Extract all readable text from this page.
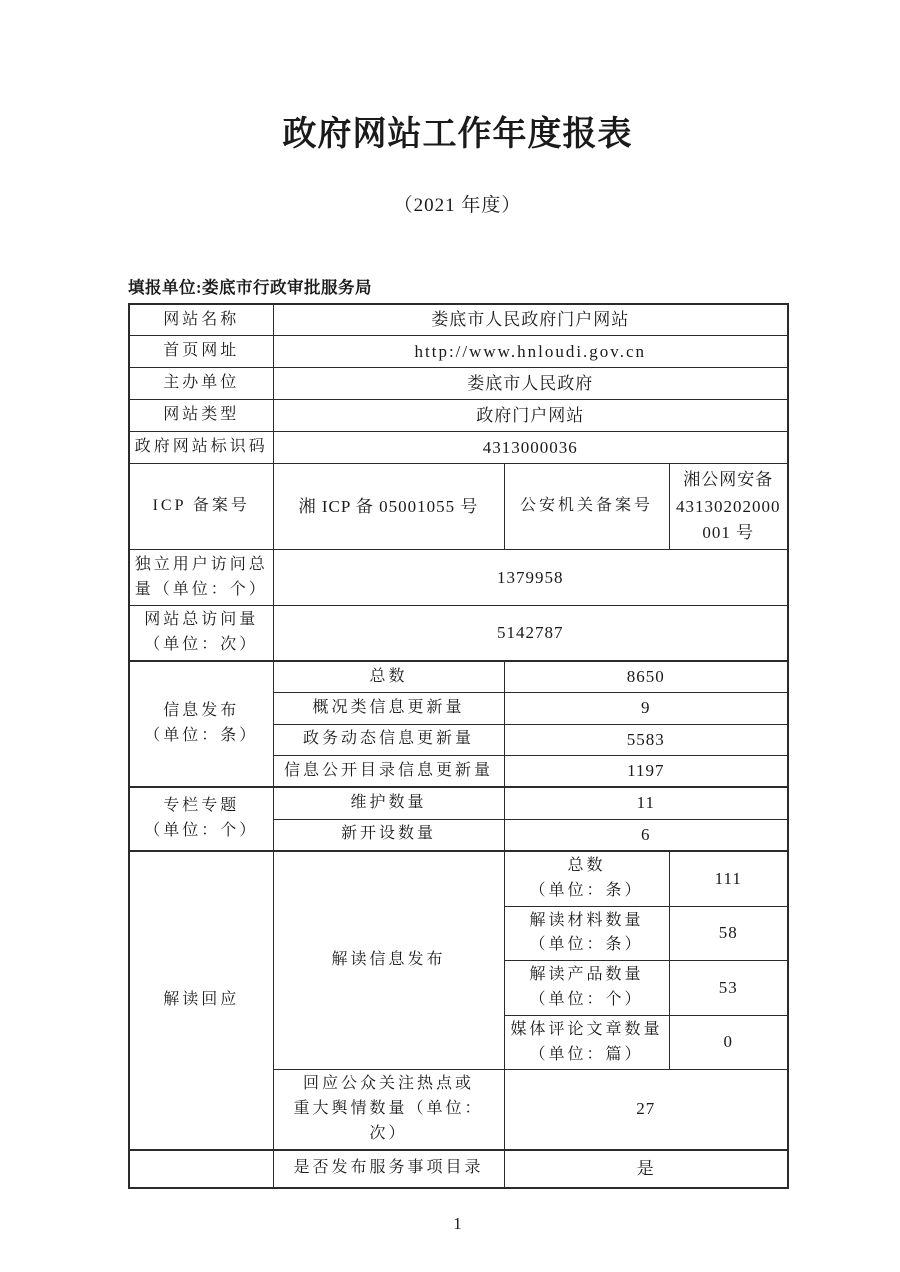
政府网站工作年度报表
（2021 年度）
填报单位:娄底市行政审批服务局
网站名称	娄底市人民政府门户网站		
首页网址	http://www.hnloudi.gov.cn		
主办单位	娄底市人民政府		
网站类型	政府门户网站		
政府网站标识码	4313000036		
ICP 备案号	湘 ICP 备 05001055 号	公安机关备案号	湘公网安备
43130202000
001 号

独立用户访问总
量（单位：个）	1379958		

网站总访问量
（单位：次）	5142787		

信息发布
（单位：条）	总数	8650	
	概况类信息更新量	9	
	政务动态信息更新量	5583	
	信息公开目录信息更新量	1197	

专栏专题
（单位：个）	维护数量	11	
	新开设数量	6	
解读回应	解读信息发布	总数
（单位：条）	111

		解读材料数量
（单位：条）	58

		解读产品数量
（单位：个）	53

		媒体评论文章数量
（单位：篇）	0

	回应公众关注热点或
重大舆情数量（单位：
次）	27	
	是否发布服务事项目录	是	
1
